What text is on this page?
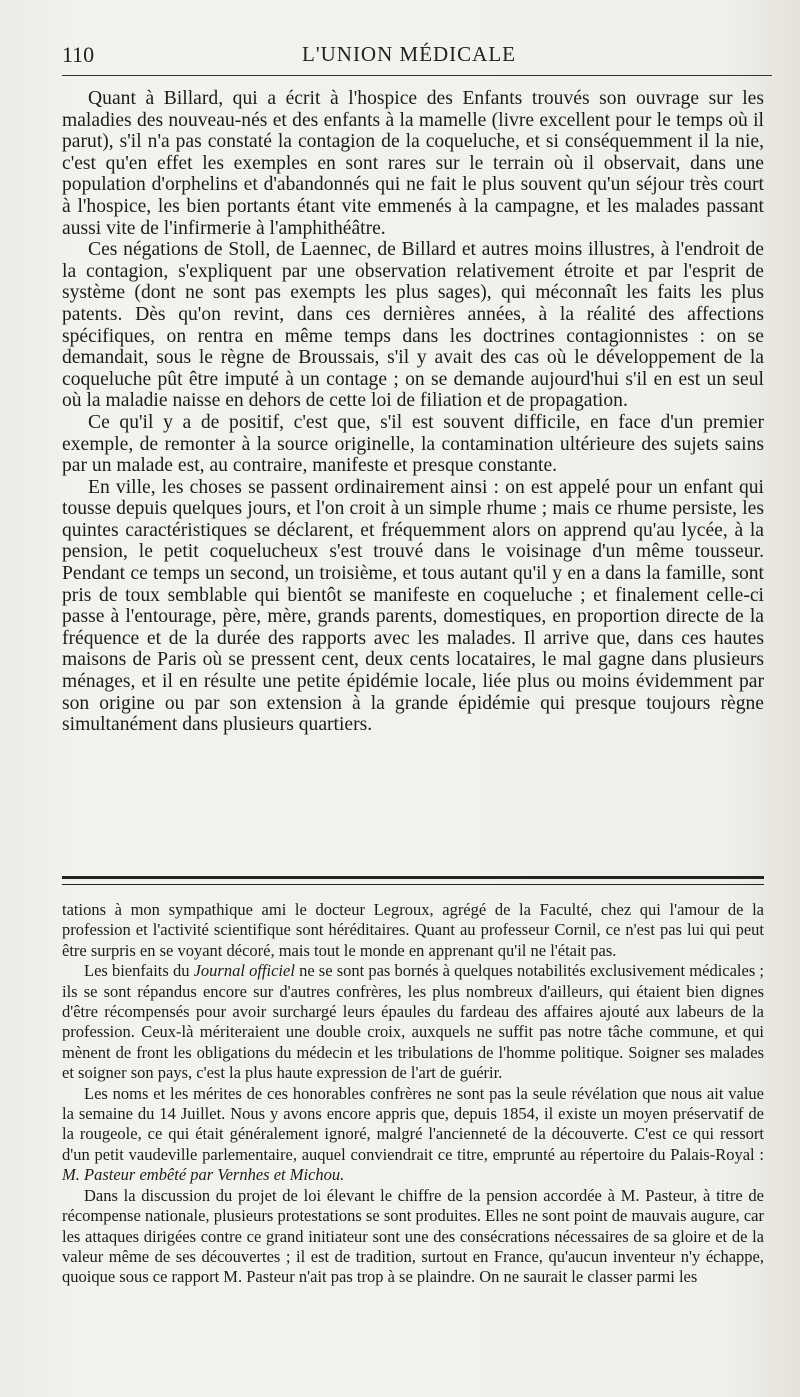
110	L'UNION MÉDICALE

Quant à Billard, qui a écrit à l'hospice des Enfants trouvés son ouvrage sur les maladies des nouveau-nés et des enfants à la mamelle (livre excellent pour le temps où il parut), s'il n'a pas constaté la contagion de la coqueluche, et si conséquemment il la nie, c'est qu'en effet les exemples en sont rares sur le terrain où il observait, dans une population d'orphelins et d'abandonnés qui ne fait le plus souvent qu'un séjour très court à l'hospice, les bien portants étant vite emmenés à la campagne, et les malades passant aussi vite de l'infirmerie à l'amphithéâtre.

Ces négations de Stoll, de Laennec, de Billard et autres moins illustres, à l'endroit de la contagion, s'expliquent par une observation relativement étroite et par l'esprit de système (dont ne sont pas exempts les plus sages), qui méconnaît les faits les plus patents. Dès qu'on revint, dans ces dernières années, à la réalité des affections spécifiques, on rentra en même temps dans les doctrines contagionnistes : on se demandait, sous le règne de Broussais, s'il y avait des cas où le développement de la coqueluche pût être imputé à un contage ; on se demande aujourd'hui s'il en est un seul où la maladie naisse en dehors de cette loi de filiation et de propagation.

Ce qu'il y a de positif, c'est que, s'il est souvent difficile, en face d'un premier exemple, de remonter à la source originelle, la contamination ultérieure des sujets sains par un malade est, au contraire, manifeste et presque constante.

En ville, les choses se passent ordinairement ainsi : on est appelé pour un enfant qui tousse depuis quelques jours, et l'on croit à un simple rhume ; mais ce rhume persiste, les quintes caractéristiques se déclarent, et fréquemment alors on apprend qu'au lycée, à la pension, le petit coquelucheux s'est trouvé dans le voisinage d'un même tousseur. Pendant ce temps un second, un troisième, et tous autant qu'il y en a dans la famille, sont pris de toux semblable qui bientôt se manifeste en coqueluche ; et finalement celle-ci passe à l'entourage, père, mère, grands parents, domestiques, en proportion directe de la fréquence et de la durée des rapports avec les malades. Il arrive que, dans ces hautes maisons de Paris où se pressent cent, deux cents locataires, le mal gagne dans plusieurs ménages, et il en résulte une petite épidémie locale, liée plus ou moins évidemment par son origine ou par son extension à la grande épidémie qui presque toujours règne simultanément dans plusieurs quartiers.

tations à mon sympathique ami le docteur Legroux, agrégé de la Faculté, chez qui l'amour de la profession et l'activité scientifique sont héréditaires. Quant au professeur Cornil, ce n'est pas lui qui peut être surpris en se voyant décoré, mais tout le monde en apprenant qu'il ne l'était pas.

Les bienfaits du Journal officiel ne se sont pas bornés à quelques notabilités exclusivement médicales ; ils se sont répandus encore sur d'autres confrères, les plus nombreux d'ailleurs, qui étaient bien dignes d'être récompensés pour avoir surchargé leurs épaules du fardeau des affaires ajouté aux labeurs de la profession. Ceux-là mériteraient une double croix, auxquels ne suffit pas notre tâche commune, et qui mènent de front les obligations du médecin et les tribulations de l'homme politique. Soigner ses malades et soigner son pays, c'est la plus haute expression de l'art de guérir.

Les noms et les mérites de ces honorables confrères ne sont pas la seule révélation que nous ait value la semaine du 14 Juillet. Nous y avons encore appris que, depuis 1854, il existe un moyen préservatif de la rougeole, ce qui était généralement ignoré, malgré l'ancienneté de la découverte. C'est ce qui ressort d'un petit vaudeville parlementaire, auquel conviendrait ce titre, emprunté au répertoire du Palais-Royal : M. Pasteur embêté par Vernhes et Michou.

Dans la discussion du projet de loi élevant le chiffre de la pension accordée à M. Pasteur, à titre de récompense nationale, plusieurs protestations se sont produites. Elles ne sont point de mauvais augure, car les attaques dirigées contre ce grand initiateur sont une des consécrations nécessaires de sa gloire et de la valeur même de ses découvertes ; il est de tradition, surtout en France, qu'aucun inventeur n'y échappe, quoique sous ce rapport M. Pasteur n'ait pas trop à se plaindre. On ne saurait le classer parmi les
